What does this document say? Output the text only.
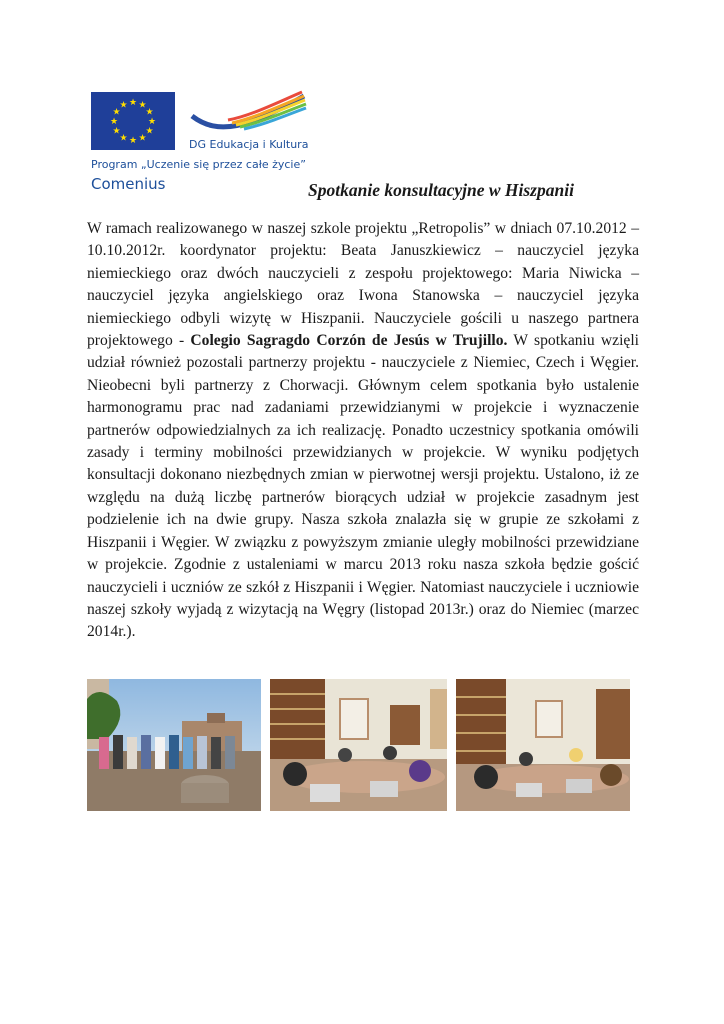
★ ★
★
★
★
★
★
★
★
★
★
★
DG Edukacja i Kultura
Program „Uczenie się przez całe życie”
Comenius	Spotkanie konsultacyjne w Hiszpanii

W ramach realizowanego w naszej szkole projektu „Retropolis” w dniach 07.10.2012 – 10.10.2012r. koordynator projektu: Beata Januszkiewicz – nauczyciel języka niemieckiego oraz dwóch nauczycieli z zespołu projektowego: Maria Niwicka – nauczyciel języka angielskiego oraz Iwona Stanowska – nauczyciel języka niemieckiego odbyli wizytę w Hiszpanii. Nauczyciele gościli u naszego partnera projektowego - Colegio Sagragdo Corzón de Jesús w Trujillo. W spotkaniu wzięli udział również pozostali partnerzy projektu - nauczyciele z Niemiec, Czech i Węgier. Nieobecni byli partnerzy z Chorwacji. Głównym celem spotkania było ustalenie harmonogramu prac nad zadaniami przewidzianymi w projekcie i wyznaczenie partnerów odpowiedzialnych za ich realizację. Ponadto uczestnicy spotkania omówili zasady i terminy mobilności przewidzianych w projekcie. W wyniku podjętych konsultacji dokonano niezbędnych zmian w pierwotnej wersji projektu. Ustalono, iż ze względu na dużą liczbę partnerów biorących udział w projekcie zasadnym jest podzielenie ich na dwie grupy. Nasza szkoła znalazła się w grupie ze szkołami z Hiszpanii i Węgier. W związku z powyższym zmianie uległy mobilności przewidziane w projekcie. Zgodnie z ustaleniami w marcu 2013 roku nasza szkoła będzie gościć nauczycieli i uczniów ze szkół z Hiszpanii i Węgier. Natomiast nauczyciele i uczniowie naszej szkoły wyjadą z wizytacją na Węgry (listopad 2013r.) oraz do Niemiec (marzec 2014r.).
